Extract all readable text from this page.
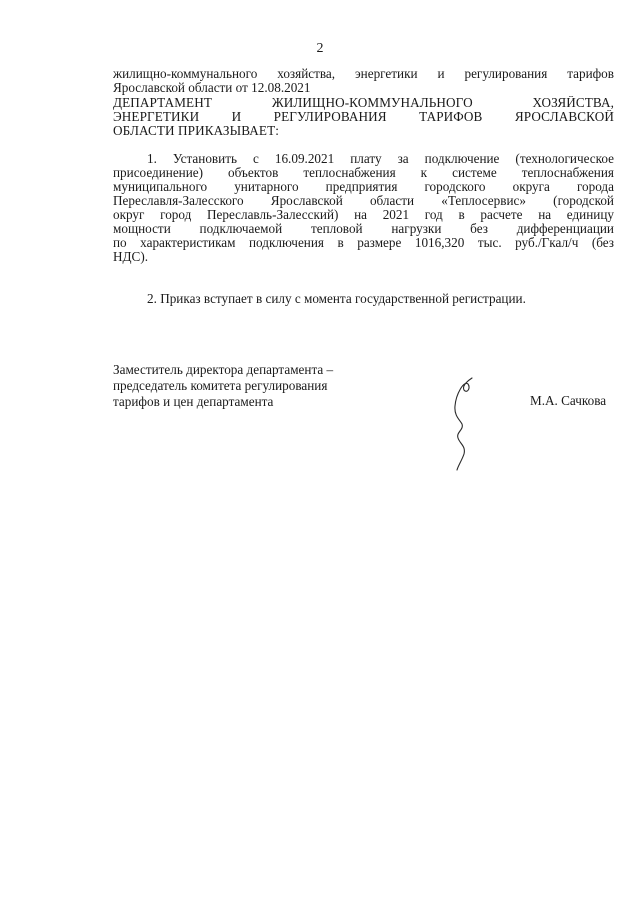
2
жилищно-коммунального хозяйства, энергетики и регулирования тарифов
Ярославской области от 12.08.2021
ДЕПАРТАМЕНТ ЖИЛИЩНО-КОММУНАЛЬНОГО ХОЗЯЙСТВА,
ЭНЕРГЕТИКИ И РЕГУЛИРОВАНИЯ ТАРИФОВ ЯРОСЛАВСКОЙ
ОБЛАСТИ ПРИКАЗЫВАЕТ:
1. Установить с 16.09.2021 плату за подключение (технологическое
присоединение) объектов теплоснабжения к системе теплоснабжения
муниципального унитарного предприятия городского округа города
Переславля-Залесского Ярославской области «Теплосервис» (городской
округ город Переславль-Залесский) на 2021 год в расчете на единицу
мощности подключаемой тепловой нагрузки без дифференциации
по характеристикам подключения в размере 1016,320 тыс. руб./Гкал/ч (без
НДС).
2. Приказ вступает в силу с момента государственной регистрации.
Заместитель директора департамента –
председатель комитета регулирования
тарифов и цен департамента	М.А. Сачкова
